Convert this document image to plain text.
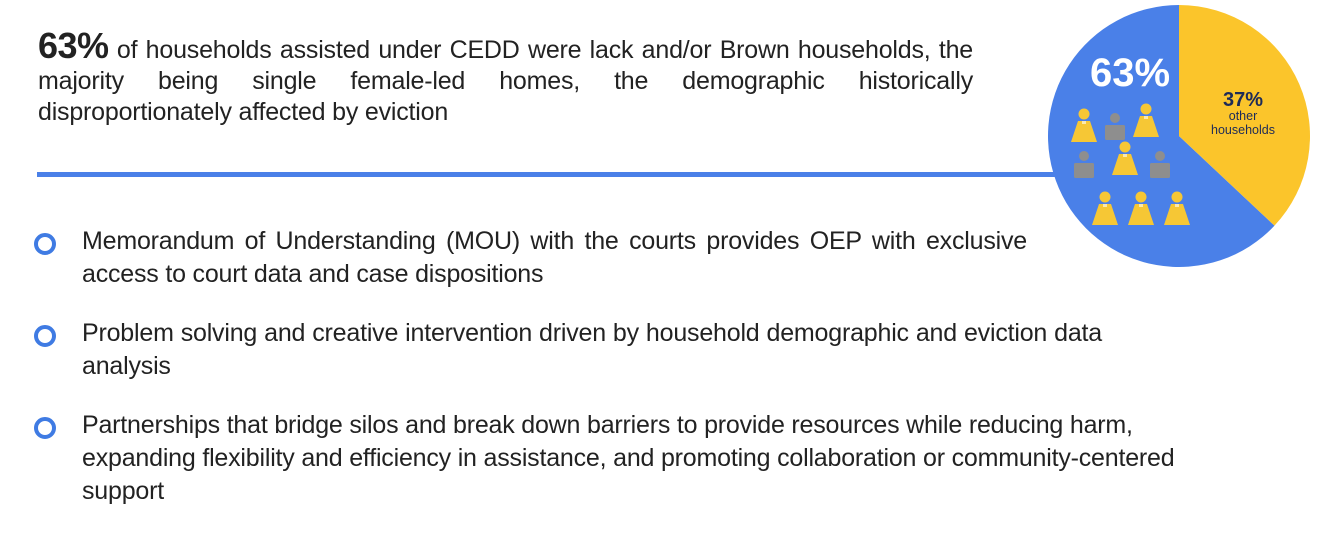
63% of households assisted under CEDD were lack and/or Brown households, the majority being single female-led homes, the demographic historically disproportionately affected by eviction
Memorandum of Understanding (MOU) with the courts provides OEP with exclusive access to court data and case dispositions
Problem solving and creative intervention driven by household demographic and eviction data analysis
Partnerships that bridge silos and break down barriers to provide resources while reducing harm, expanding flexibility and efficiency in assistance, and promoting collaboration or community-centered support
63%
37%
other households
